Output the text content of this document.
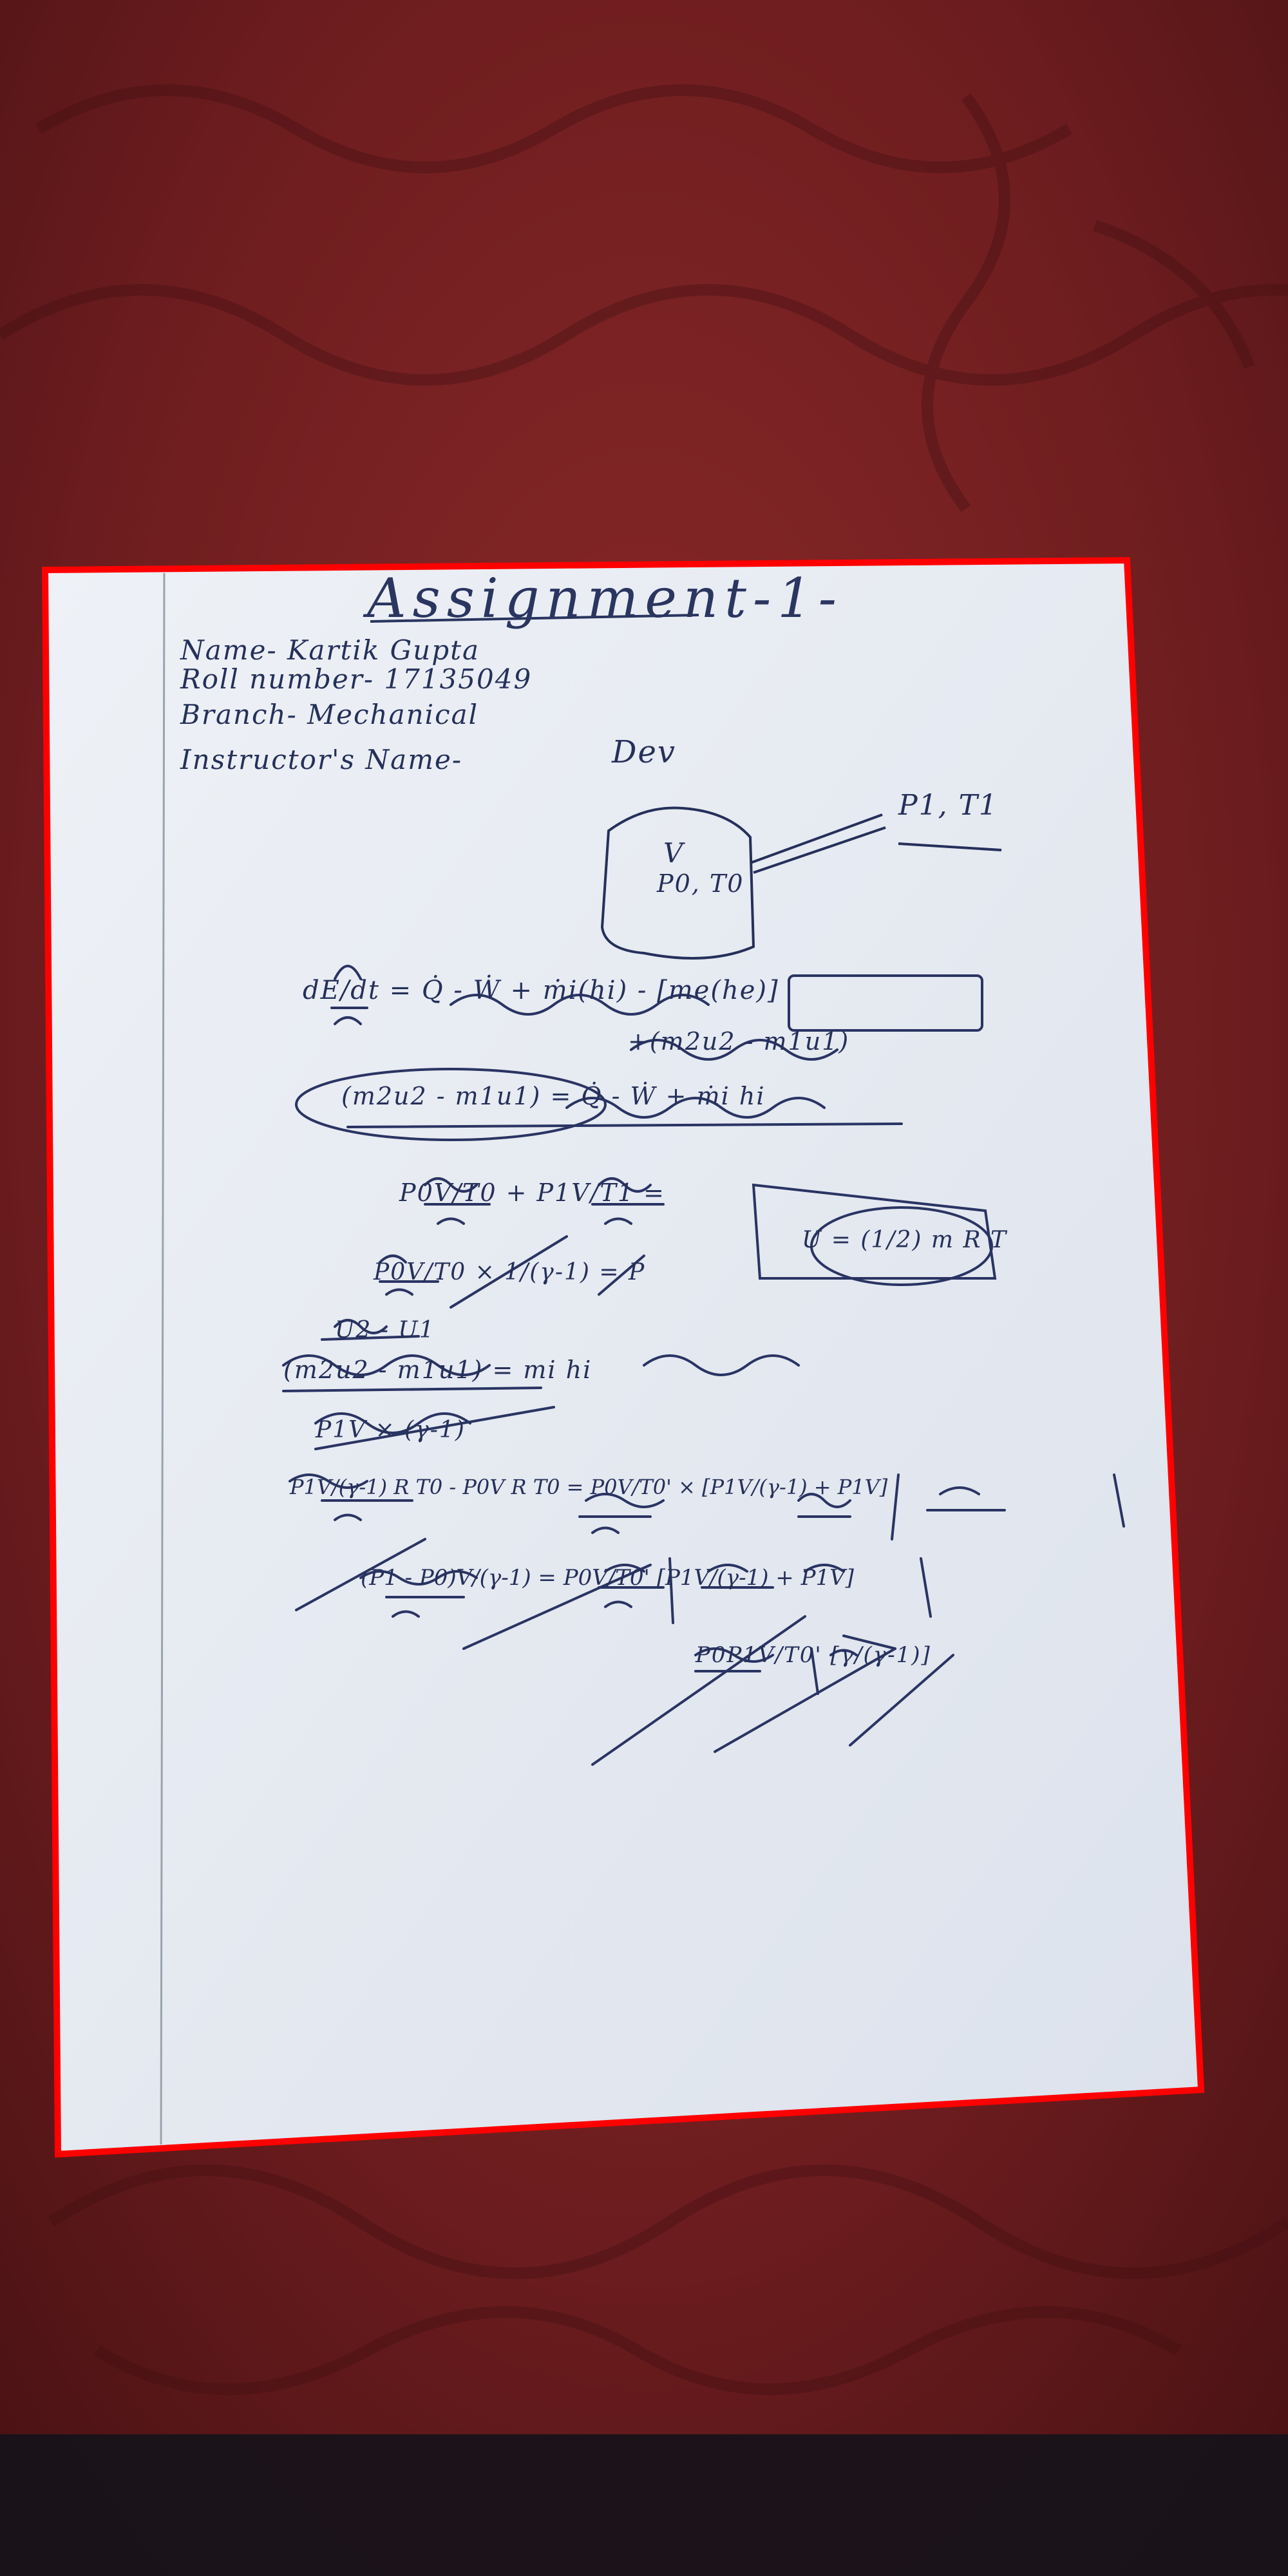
Assignment-1-
Name- Kartik Gupta
Roll number- 17135049
Branch- Mechanical
Instructor's Name-	Dev
V
P0, T0
P1, T1
dE/dt = Q̇ - Ẇ + ṁi(hi) - [me(he)]
+(m2u2 - m1u1)
(m2u2 - m1u1) = Q̇ - Ẇ + ṁi hi
P0V/T0 + P1V/T1 =
U = (1/2) m R T
P0V/T0 × 1/(γ-1) = P
U2 - U1
(m2u2 - m1u1) = mi hi
P1V × (γ-1)
P1V/(γ-1) R T0 - P0V R T0 = P0V/T0' × [P1V/(γ-1) + P1V]
(P1 - P0)V/(γ-1) = P0V/T0' [P1V/(γ-1) + P1V]
P0P1V/T0' [γ/(γ-1)]
